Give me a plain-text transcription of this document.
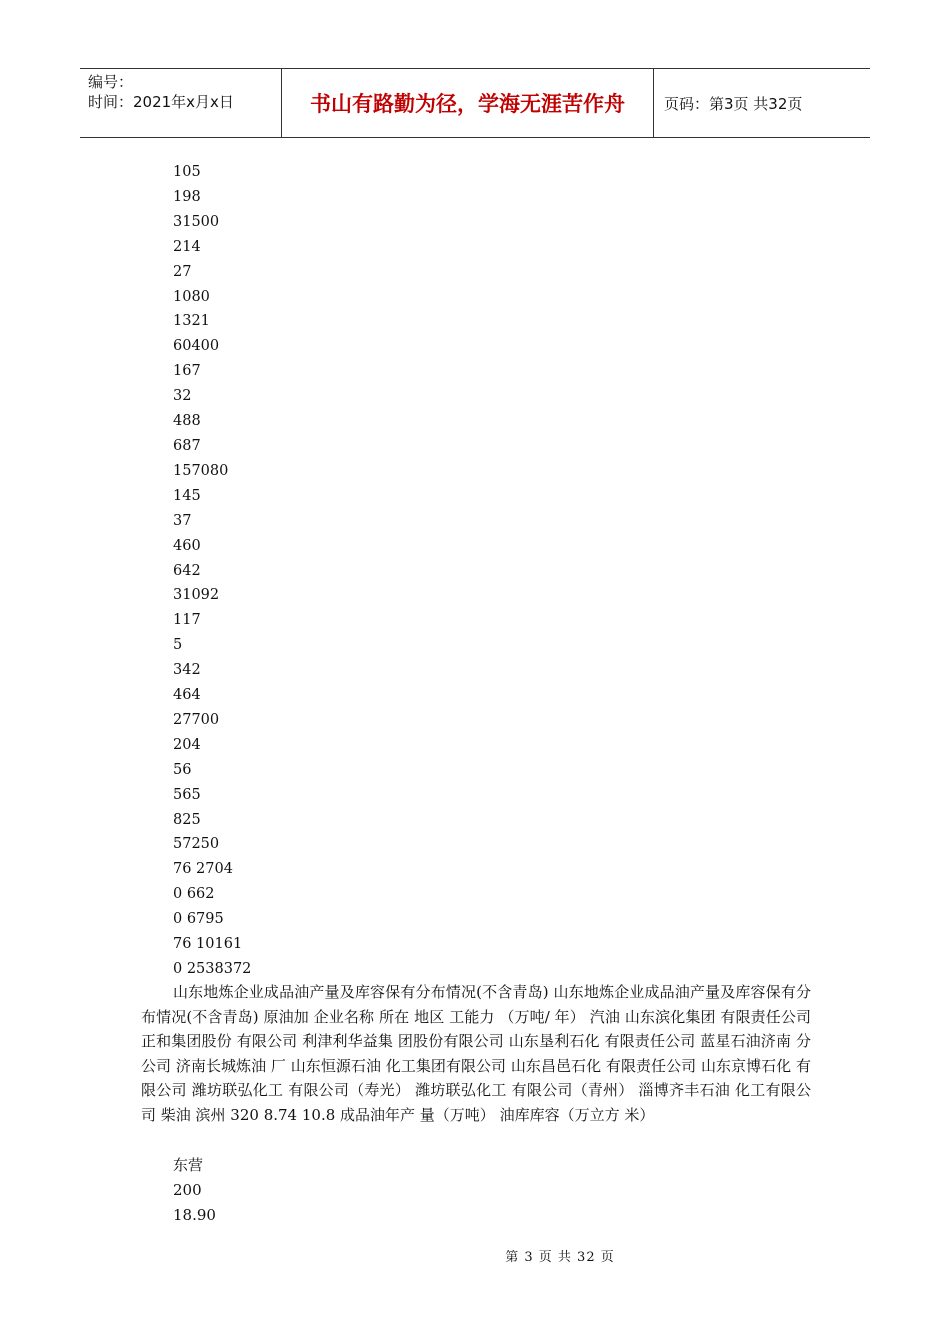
编号：
时间：2021年x月x日	书山有路勤为径，学海无涯苦作舟	页码：第3页 共32页
105
198
31500
214
27
1080
1321
60400
167
32
488
687
157080
145
37
460
642
31092
117
5
342
464
27700
204
56
565
825
57250
76 2704
0 662
0 6795
76 10161
0 2538372

山东地炼企业成品油产量及库容保有分布情况(不含青岛) 山东地炼企业成品油产量及库容保有分布情况(不含青岛) 原油加 企业名称 所在 地区 工能力 （万吨/ 年） 汽油 山东滨化集团 有限责任公司 正和集团股份 有限公司 利津利华益集 团股份有限公司 山东垦利石化 有限责任公司 蓝星石油济南 分公司 济南长城炼油 厂 山东恒源石油 化工集团有限公司 山东昌邑石化 有限责任公司 山东京博石化 有限公司 潍坊联弘化工 有限公司（寿光） 潍坊联弘化工 有限公司（青州） 淄博齐丰石油 化工有限公司 柴油 滨州 320 8.74 10.8 成品油年产 量（万吨） 油库库容（万立方 米）

东营
200
18.90
第 3 页 共 32 页
